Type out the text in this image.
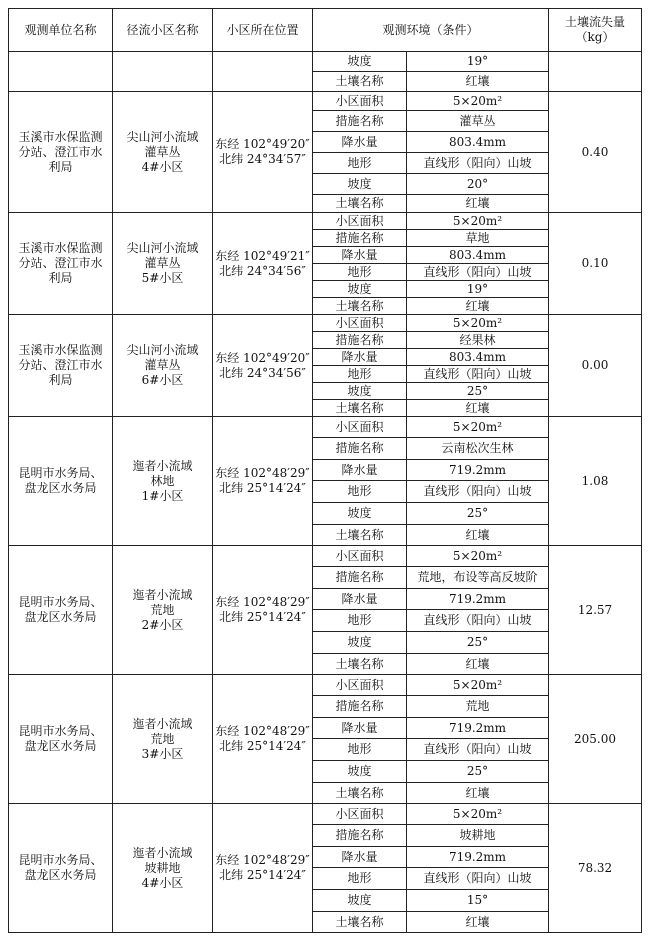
观测单位名称	径流小区名称	小区所在位置	观测环境（条件）		土壤流失量 （kg）
			坡度	19°	
			土壤名称	红壤	
玉溪市水保监测
分站、澄江市水
利局	尖山河小流域
灌草丛
4#小区	东经 102°49′20″
北纬 24°34′57″	小区面积	5×20m²	0.40
			措施名称	灌草丛	
			降水量	803.4mm	
			地形	直线形（阳向）山坡	
			坡度	20°	
			土壤名称	红壤	
玉溪市水保监测
分站、澄江市水
利局	尖山河小流域
灌草丛
5#小区	东经 102°49′21″
北纬 24°34′56″	小区面积	5×20m²	0.10
			措施名称	草地	
			降水量	803.4mm	
			地形	直线形（阳向）山坡	
			坡度	19°	
			土壤名称	红壤	
玉溪市水保监测
分站、澄江市水
利局	尖山河小流域
灌草丛
6#小区	东经 102°49′20″
北纬 24°34′56″	小区面积	5×20m²	0.00
			措施名称	经果林	
			降水量	803.4mm	
			地形	直线形（阳向）山坡	
			坡度	25°	
			土壤名称	红壤	
昆明市水务局、
盘龙区水务局	迤者小流域
林地
1#小区	东经 102°48′29″
北纬 25°14′24″	小区面积	5×20m²	1.08
			措施名称	云南松次生林	
			降水量	719.2mm	
			地形	直线形（阳向）山坡	
			坡度	25°	
			土壤名称	红壤	
昆明市水务局、
盘龙区水务局	迤者小流域
荒地
2#小区	东经 102°48′29″
北纬 25°14′24″	小区面积	5×20m²	12.57
			措施名称	荒地，布设等高反坡阶	
			降水量	719.2mm	
			地形	直线形（阳向）山坡	
			坡度	25°	
			土壤名称	红壤	
昆明市水务局、
盘龙区水务局	迤者小流域
荒地
3#小区	东经 102°48′29″
北纬 25°14′24″	小区面积	5×20m²	205.00
			措施名称	荒地	
			降水量	719.2mm	
			地形	直线形（阳向）山坡	
			坡度	25°	
			土壤名称	红壤	
昆明市水务局、
盘龙区水务局	迤者小流域
坡耕地
4#小区	东经 102°48′29″
北纬 25°14′24″	小区面积	5×20m²	78.32
			措施名称	坡耕地	
			降水量	719.2mm	
			地形	直线形（阳向）山坡	
			坡度	15°	
			土壤名称	红壤	
